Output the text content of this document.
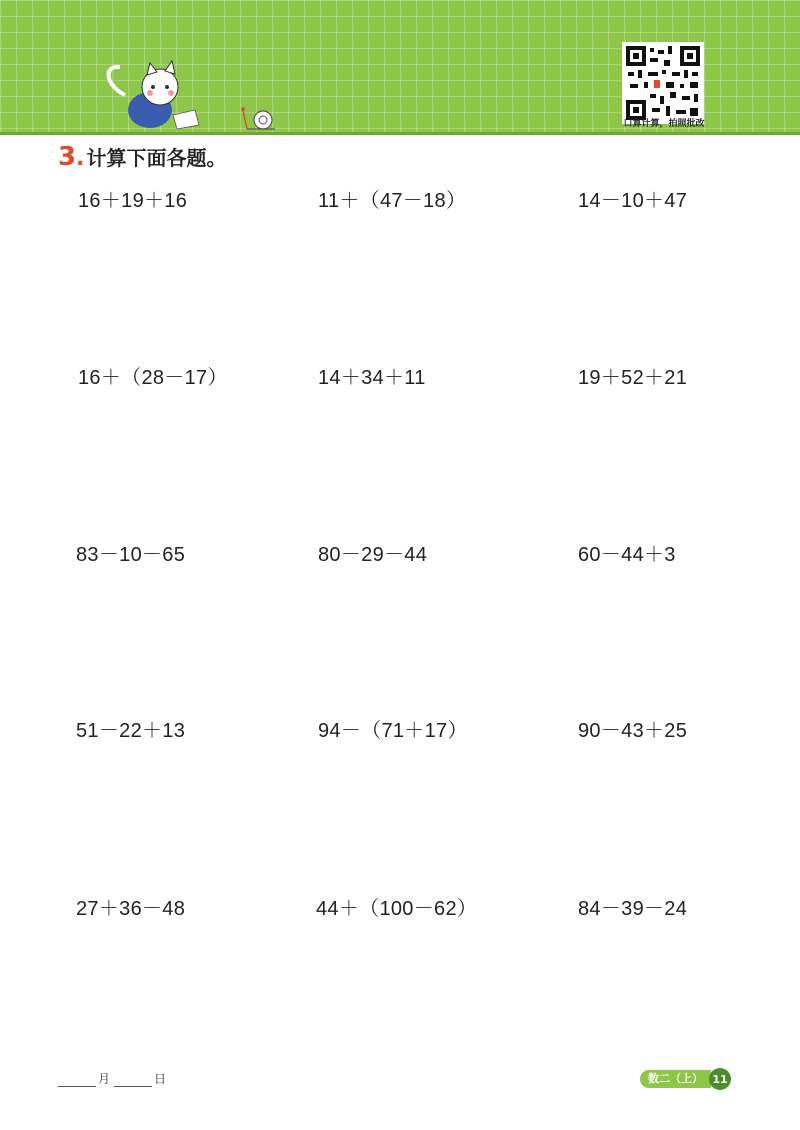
口算计算，拍照批改
3 . 计算下面各题。
16＋19＋16	11＋（47－18）	14－10＋47
16＋（28－17）	14＋34＋11	19＋52＋21
83－10－65	80－29－44	60－44＋3
51－22＋13	94－（71＋17）	90－43＋25
27＋36－48	44＋（100－62）	84－39－24
月	日	数二（上） 11
